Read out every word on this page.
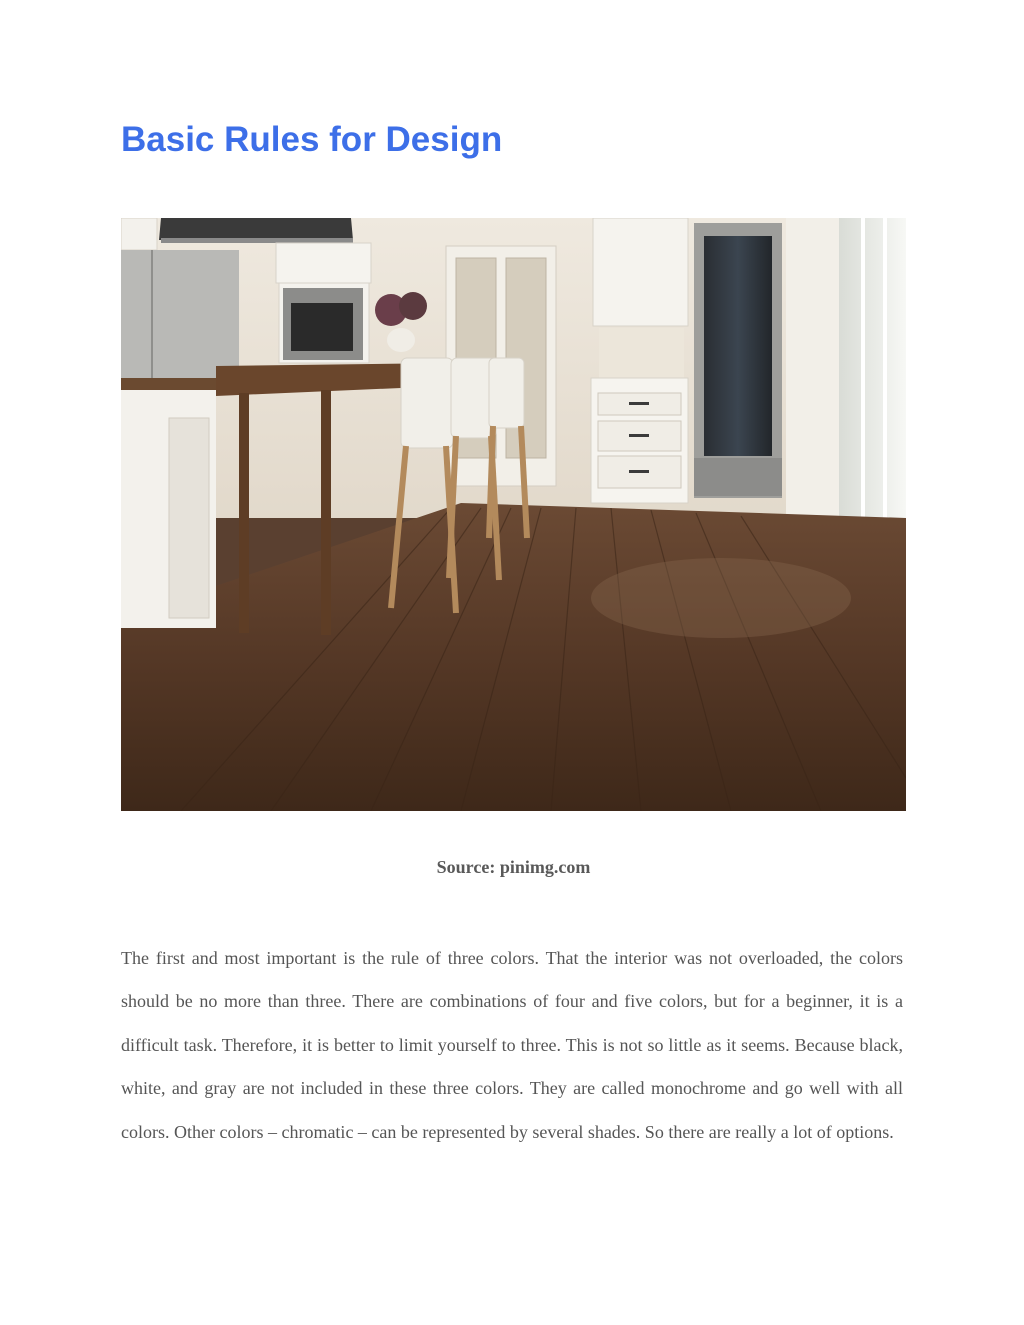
Basic Rules for Design

Source: pinimg.com

The first and most important is the rule of three colors. That the interior was not overloaded, the colors should be no more than three. There are combinations of four and five colors, but for a beginner, it is a difficult task. Therefore, it is better to limit yourself to three. This is not so little as it seems. Because black, white, and gray are not included in these three colors. They are called monochrome and go well with all colors. Other colors – chromatic – can be represented by several shades. So there are really a lot of options.
